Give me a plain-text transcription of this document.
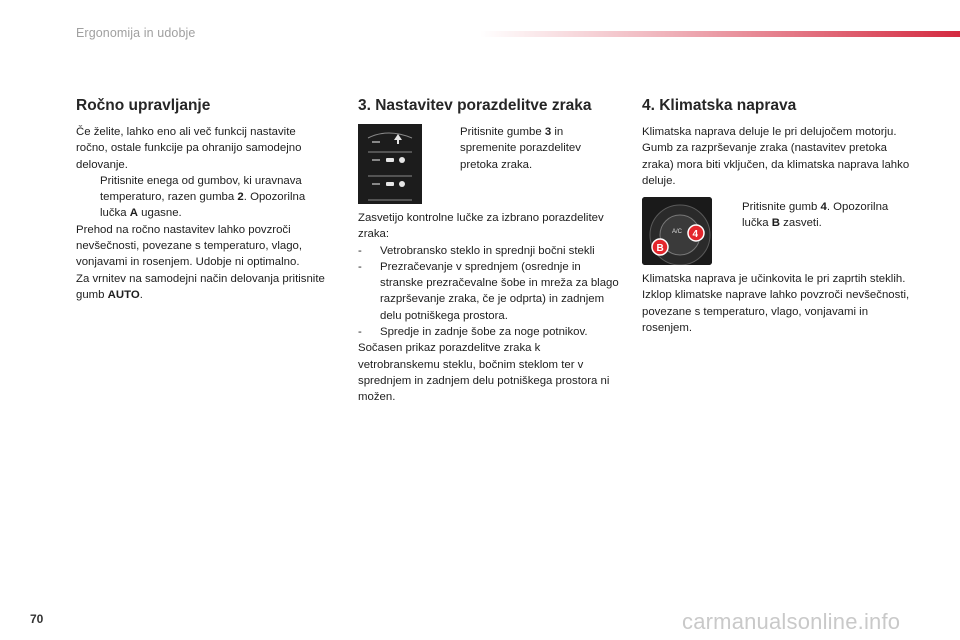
Ergonomija in udobje
Ročno upravljanje

Če želite, lahko eno ali več funkcij nastavite ročno, ostale funkcije pa ohranijo samodejno delovanje.

Pritisnite enega od gumbov, ki uravnava temperaturo, razen gumba 2. Opozorilna lučka A ugasne.

Prehod na ročno nastavitev lahko povzroči nevšečnosti, povezane s temperaturo, vlago, vonjavami in rosenjem. Udobje ni optimalno.

Za vrnitev na samodejni način delovanja pritisnite gumb AUTO.

3. Nastavitev porazdelitve zraka

Pritisnite gumbe 3 in spremenite porazdelitev pretoka zraka.

Zasvetijo kontrolne lučke za izbrano porazdelitev zraka:

- Vetrobransko steklo in sprednji bočni stekli

- Prezračevanje v sprednjem (osrednje in stranske prezračevalne šobe in mreža za blago razprševanje zraka, če je odprta) in zadnjem delu potniškega prostora.

- Spredje in zadnje šobe za noge potnikov.

Sočasen prikaz porazdelitve zraka k vetrobranskemu steklu, bočnim steklom ter v sprednjem in zadnjem delu potniškega prostora ni možen.

4. Klimatska naprava

Klimatska naprava deluje le pri delujočem motorju. Gumb za razprševanje zraka (nastavitev pretoka zraka) mora biti vključen, da klimatska naprava lahko deluje.

A/C
B
4

Pritisnite gumb 4. Opozorilna lučka B zasveti.

Klimatska naprava je učinkovita le pri zaprtih steklih.

Izklop klimatske naprave lahko povzroči nevšečnosti, povezane s temperaturo, vlago, vonjavami in rosenjem.

70	carmanualsonline.info
